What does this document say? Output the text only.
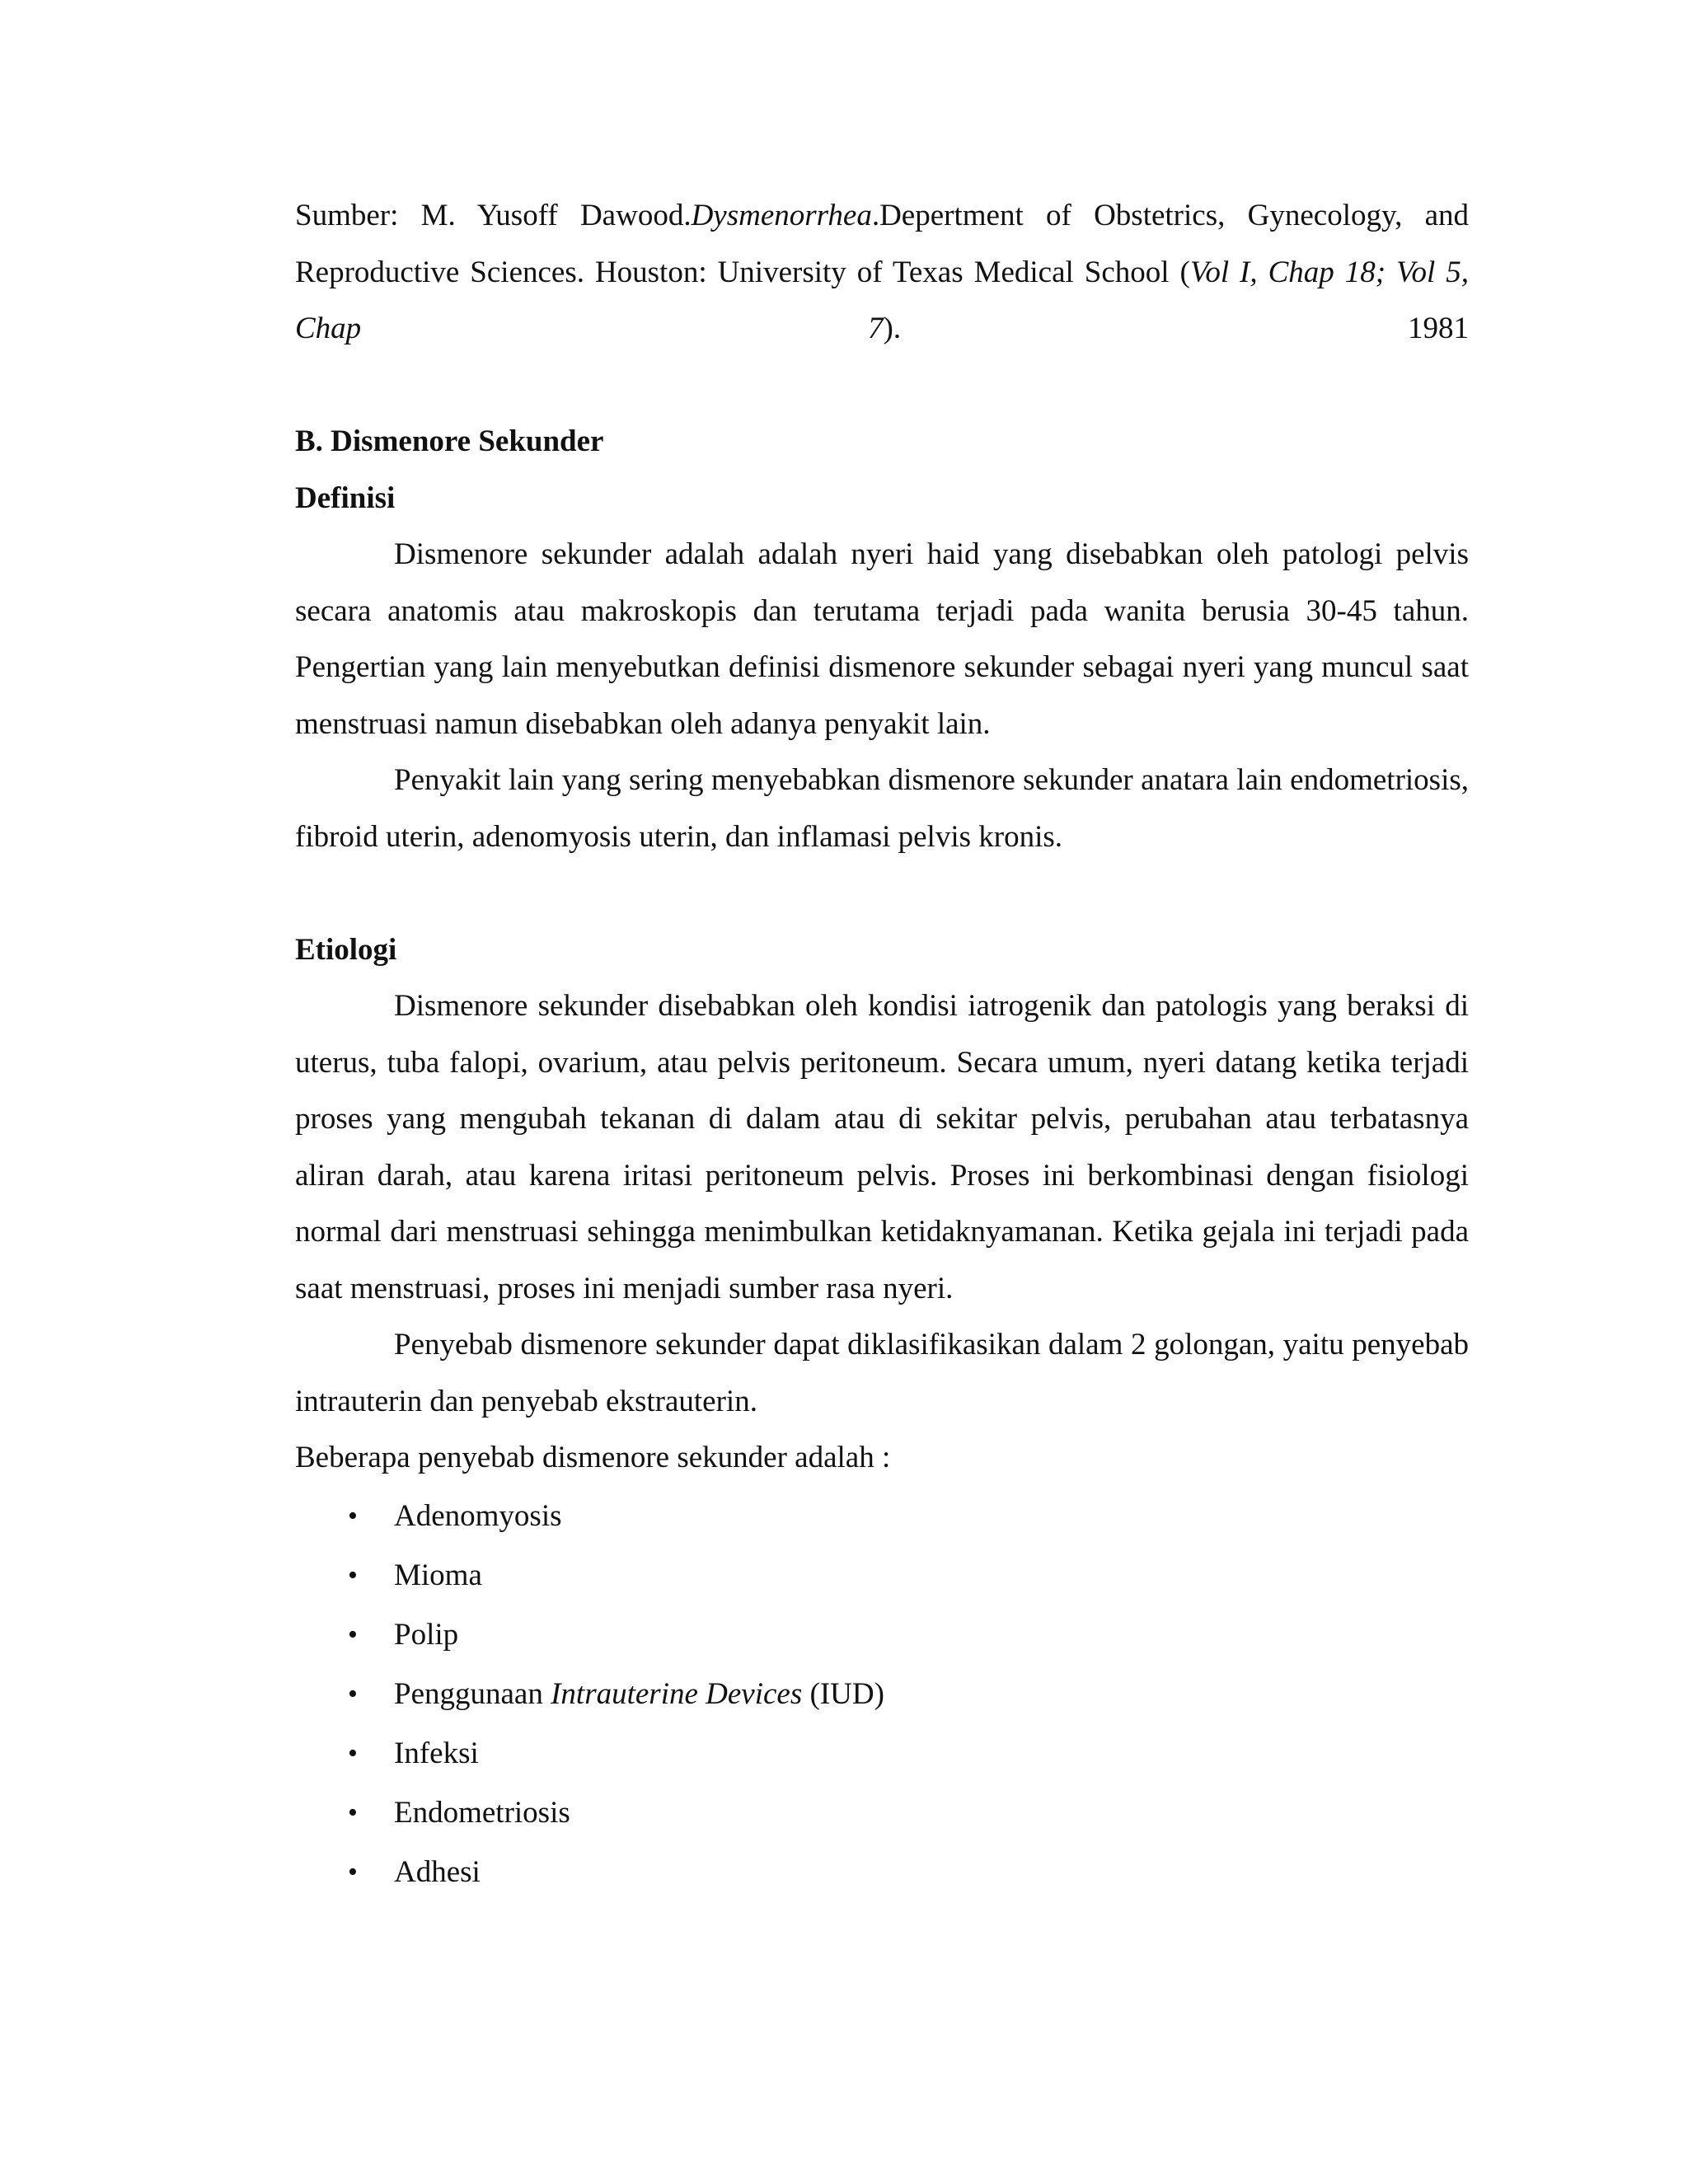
Sumber: M. Yusoff Dawood.Dysmenorrhea.Depertment of Obstetrics, Gynecology, and Reproductive Sciences. Houston: University of Texas Medical School (Vol I, Chap 18; Vol 5, Chap 7). 1981

B. Dismenore Sekunder

Definisi

Dismenore sekunder adalah adalah nyeri haid yang disebabkan oleh patologi pelvis secara anatomis atau makroskopis dan terutama terjadi pada wanita berusia 30-45 tahun. Pengertian yang lain menyebutkan definisi dismenore sekunder sebagai nyeri yang muncul saat menstruasi namun disebabkan oleh adanya penyakit lain.

Penyakit lain yang sering menyebabkan dismenore sekunder anatara lain endometriosis, fibroid uterin, adenomyosis uterin, dan inflamasi pelvis kronis.

Etiologi

Dismenore sekunder disebabkan oleh kondisi iatrogenik dan patologis yang beraksi di uterus, tuba falopi, ovarium, atau pelvis peritoneum. Secara umum, nyeri datang ketika terjadi proses yang mengubah tekanan di dalam atau di sekitar pelvis, perubahan atau terbatasnya aliran darah, atau karena iritasi peritoneum pelvis. Proses ini berkombinasi dengan fisiologi normal dari menstruasi sehingga menimbulkan ketidaknyamanan. Ketika gejala ini terjadi pada saat menstruasi, proses ini menjadi sumber rasa nyeri.

Penyebab dismenore sekunder dapat diklasifikasikan dalam 2 golongan, yaitu penyebab intrauterin dan penyebab ekstrauterin.

Beberapa penyebab dismenore sekunder adalah :

• Adenomyosis
• Mioma
• Polip
• Penggunaan Intrauterine Devices (IUD)
• Infeksi
• Endometriosis
• Adhesi
